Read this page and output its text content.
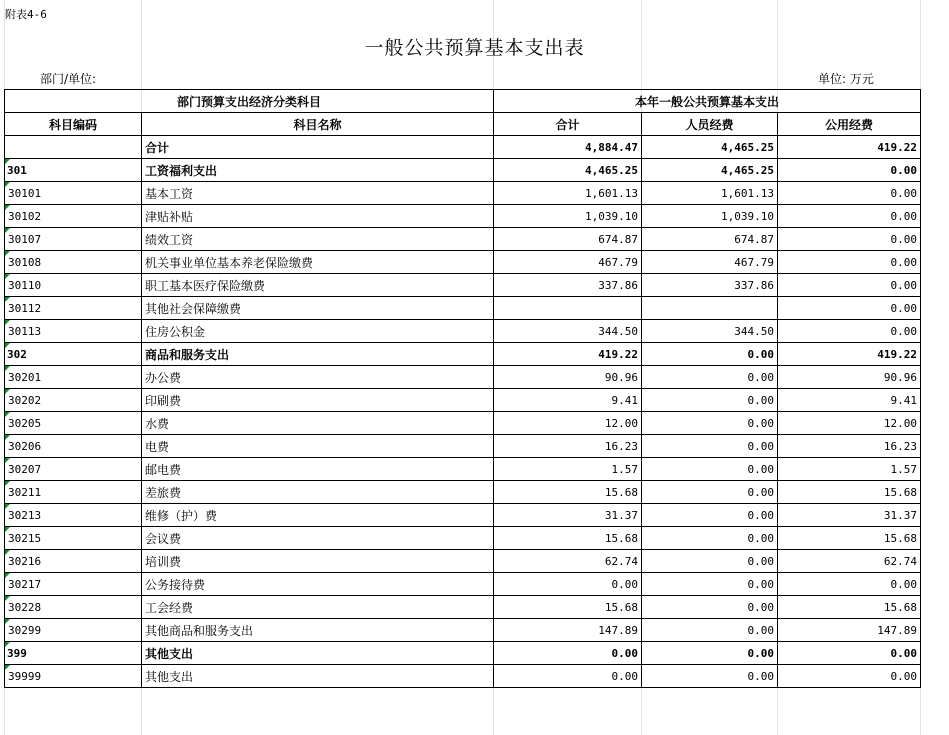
附表4-6
一般公共预算基本支出表
部门/单位:	单位: 万元
部门预算支出经济分类科目		本年一般公共预算基本支出		
科目编码	科目名称	合计	人员经费	公用经费
	合计	4,884.47	4,465.25	419.22
301	工资福利支出	4,465.25	4,465.25	0.00
30101	基本工资	1,601.13	1,601.13	0.00
30102	津贴补贴	1,039.10	1,039.10	0.00
30107	绩效工资	674.87	674.87	0.00
30108	机关事业单位基本养老保险缴费	467.79	467.79	0.00
30110	职工基本医疗保险缴费	337.86	337.86	0.00
30112	其他社会保障缴费			0.00
30113	住房公积金	344.50	344.50	0.00
302	商品和服务支出	419.22	0.00	419.22
30201	办公费	90.96	0.00	90.96
30202	印刷费	9.41	0.00	9.41
30205	水费	12.00	0.00	12.00
30206	电费	16.23	0.00	16.23
30207	邮电费	1.57	0.00	1.57
30211	差旅费	15.68	0.00	15.68
30213	维修（护）费	31.37	0.00	31.37
30215	会议费	15.68	0.00	15.68
30216	培训费	62.74	0.00	62.74
30217	公务接待费	0.00	0.00	0.00
30228	工会经费	15.68	0.00	15.68
30299	其他商品和服务支出	147.89	0.00	147.89
399	其他支出	0.00	0.00	0.00
39999	其他支出	0.00	0.00	0.00
